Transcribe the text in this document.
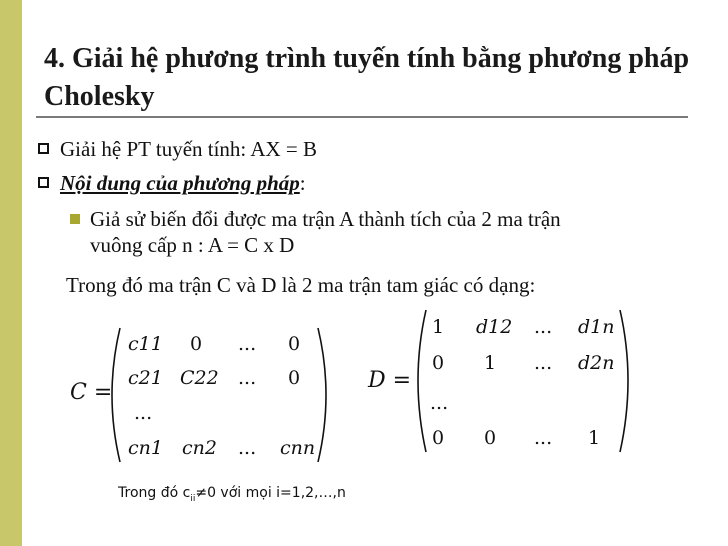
4. Giải hệ phương trình tuyến tính bằng phương pháp Cholesky
Giải hệ PT tuyến tính: AX = B
Nội dung của phương pháp:
Giả sử biến đổi được ma trận A thành tích của 2 ma trận
vuông cấp n : A = C x D
Trong đó ma trận C và D là 2 ma trận tam giác có dạng:
C =
c11 0 ... 0
c21 C22 ... 0
...
cn1 cn2 ... cnn
D =
1 d12 ... d1n
0 1 ... d2n
...
0 0 ... 1
Trong đó $c_{ii}\ne 0$ với mọi i=1,2,…,n
